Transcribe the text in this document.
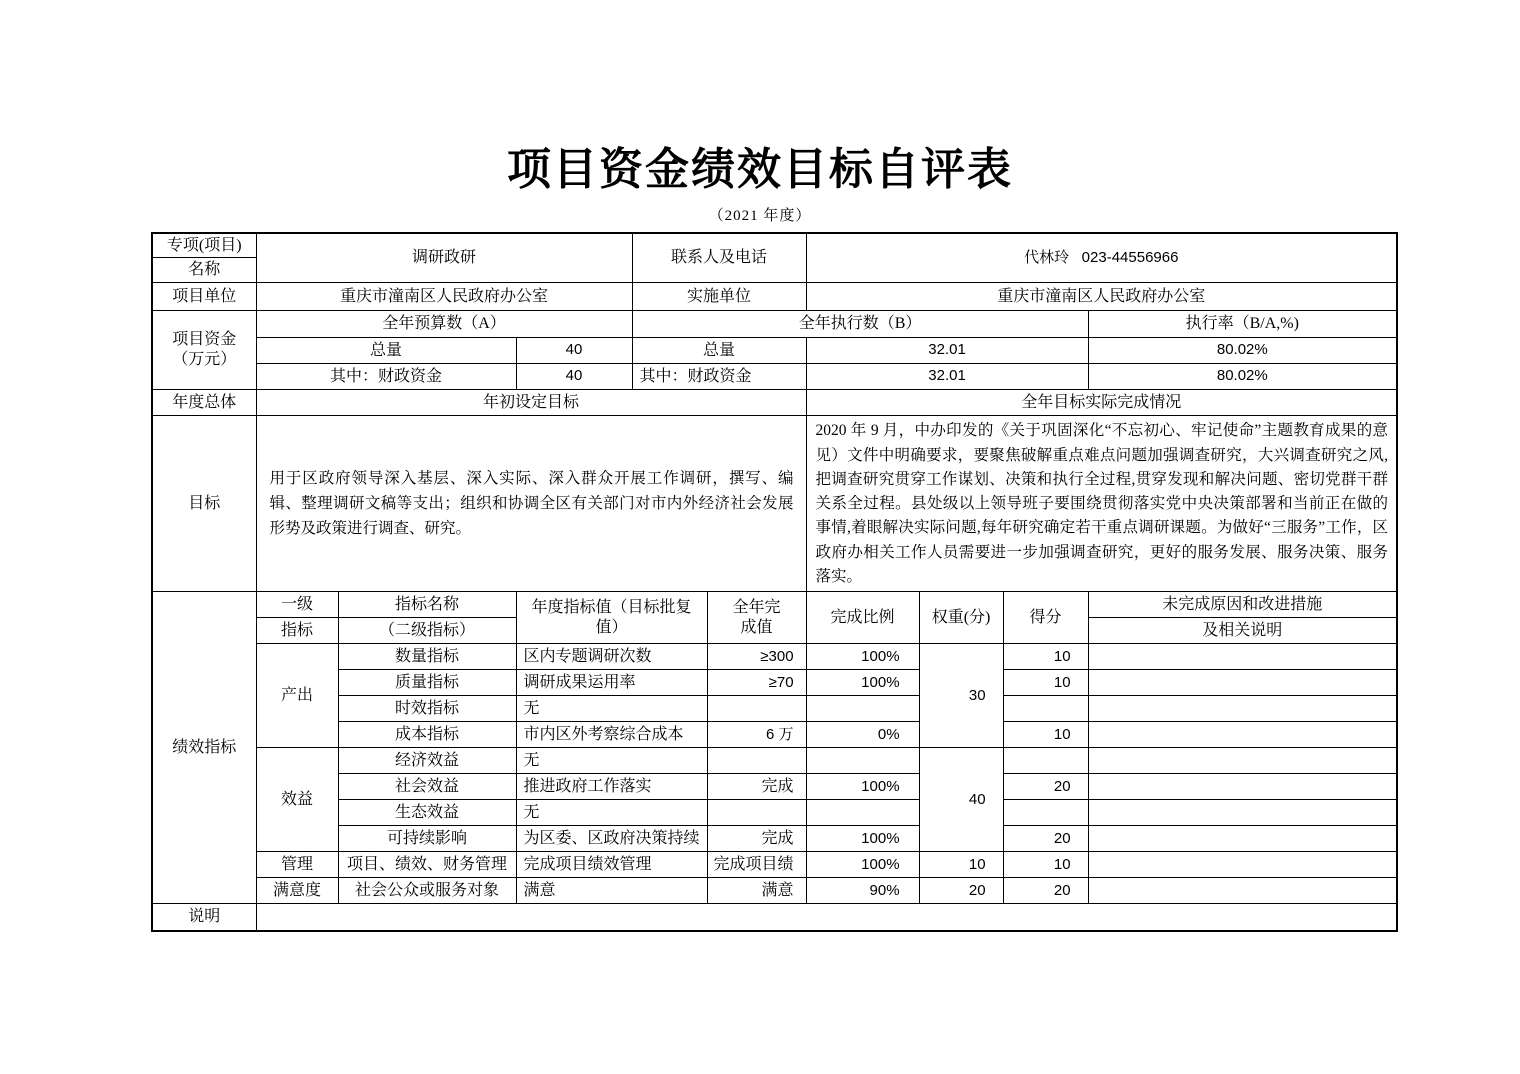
项目资金绩效目标自评表
（2021 年度）
专项(项目)	调研政研			联系人及电话		代林玲   023-44556966			
名称									
项目单位	重庆市潼南区人民政府办公室			实施单位		重庆市潼南区人民政府办公室			

项目资金
（万元）	全年预算数（A）			全年执行数（B）					执行率（B/A,%)
	总量		40	总量		32.01			80.02%
	其中：财政资金		40	其中：财政资金		32.01			80.02%
年度总体	年初设定目标					全年目标实际完成情况			
目标	用于区政府领导深入基层、深入实际、深入群众开展工作调研，撰写、编辑、整理调研文稿等支出；组织和协调全区有关部门对市内外经济社会发展形势及政策进行调查、研究。					2020 年 9 月，中办印发的《关于巩固深化“不忘初心、牢记使命”主题教育成果的意见）文件中明确要求，要聚焦破解重点难点问题加强调查研究，大兴调查研究之风,把调查研究贯穿工作谋划、决策和执行全过程,贯穿发现和解决问题、密切党群干群关系全过程。县处级以上领导班子要围绕贯彻落实党中央决策部署和当前正在做的事情,着眼解决实际问题,每年研究确定若干重点调研课题。为做好“三服务”工作，区政府办相关工作人员需要进一步加强调查研究，更好的服务发展、服务决策、服务落实。			
绩效指标	一级	指标名称	年度指标值（目标批复值）		全年完成值	完成比例	权重(分)	得分	未完成原因和改进措施
	指标	（二级指标）							及相关说明
	产出	数量指标	区内专题调研次数		≥300	100%	30	10	
		质量指标	调研成果运用率		≥70	100%		10	
		时效指标	无						
		成本指标	市内区外考察综合成本		6 万	0%		10	
	效益	经济效益	无				40		
		社会效益	推进政府工作落实		完成	100%		20	
		生态效益	无						
		可持续影响	为区委、区政府决策持续		完成	100%		20	
	管理	项目、绩效、财务管理	完成项目绩效管理		完成项目绩	100%	10	10	
	满意度	社会公众或服务对象	满意		满意	90%	20	20	
说明									
